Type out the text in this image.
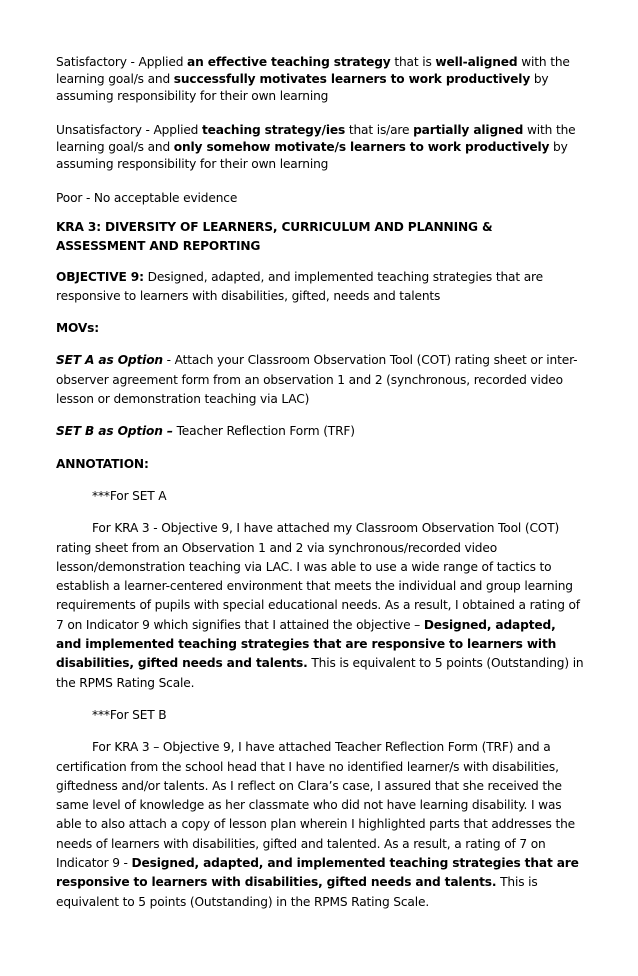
Satisfactory - Applied an effective teaching strategy that is well-aligned with the learning goal/s and successfully motivates learners to work productively by assuming responsibility for their own learning

Unsatisfactory - Applied teaching strategy/ies that is/are partially aligned with the learning goal/s and only somehow motivate/s learners to work productively by assuming responsibility for their own learning

Poor - No acceptable evidence

KRA 3: DIVERSITY OF LEARNERS, CURRICULUM AND PLANNING & ASSESSMENT AND REPORTING

OBJECTIVE 9: Designed, adapted, and implemented teaching strategies that are responsive to learners with disabilities, gifted, needs and talents

MOVs:

SET A as Option - Attach your Classroom Observation Tool (COT) rating sheet or inter-observer agreement form from an observation 1 and 2 (synchronous, recorded video lesson or demonstration teaching via LAC)

SET B as Option – Teacher Reflection Form (TRF)

ANNOTATION:

***For SET A

For KRA 3 - Objective 9, I have attached my Classroom Observation Tool (COT) rating sheet from an Observation 1 and 2 via synchronous/recorded video lesson/demonstration teaching via LAC. I was able to use a wide range of tactics to establish a learner-centered environment that meets the individual and group learning requirements of pupils with special educational needs. As a result, I obtained a rating of 7 on Indicator 9 which signifies that I attained the objective – Designed, adapted, and implemented teaching strategies that are responsive to learners with disabilities, gifted needs and talents. This is equivalent to 5 points (Outstanding) in the RPMS Rating Scale.

***For SET B

For KRA 3 – Objective 9, I have attached Teacher Reflection Form (TRF) and a certification from the school head that I have no identified learner/s with disabilities, giftedness and/or talents. As I reflect on Clara’s case, I assured that she received the same level of knowledge as her classmate who did not have learning disability. I was able to also attach a copy of lesson plan wherein I highlighted parts that addresses the needs of learners with disabilities, gifted and talented. As a result, a rating of 7 on Indicator 9 - Designed, adapted, and implemented teaching strategies that are responsive to learners with disabilities, gifted needs and talents. This is equivalent to 5 points (Outstanding) in the RPMS Rating Scale.
